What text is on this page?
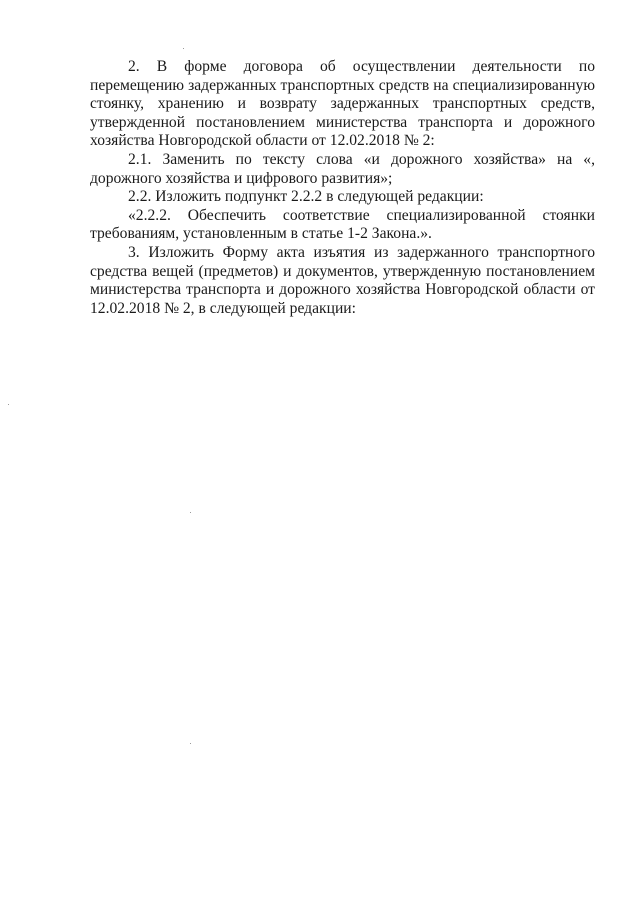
2. В форме договора об осуществлении деятельности по перемещению задержанных транспортных средств на специализированную стоянку, хранению и возврату задержанных транспортных средств, утвержденной постановлением министерства транспорта и дорожного хозяйства Новгородской области от 12.02.2018 № 2:

2.1. Заменить по тексту слова «и дорожного хозяйства» на «, дорожного хозяйства и цифрового развития»;

2.2. Изложить подпункт 2.2.2 в следующей редакции:

«2.2.2. Обеспечить соответствие специализированной стоянки требованиям, установленным в статье 1-2 Закона.».

3. Изложить Форму акта изъятия из задержанного транспортного средства вещей (предметов) и документов, утвержденную постановлением министерства транспорта и дорожного хозяйства Новгородской области от 12.02.2018 № 2, в следующей редакции:
